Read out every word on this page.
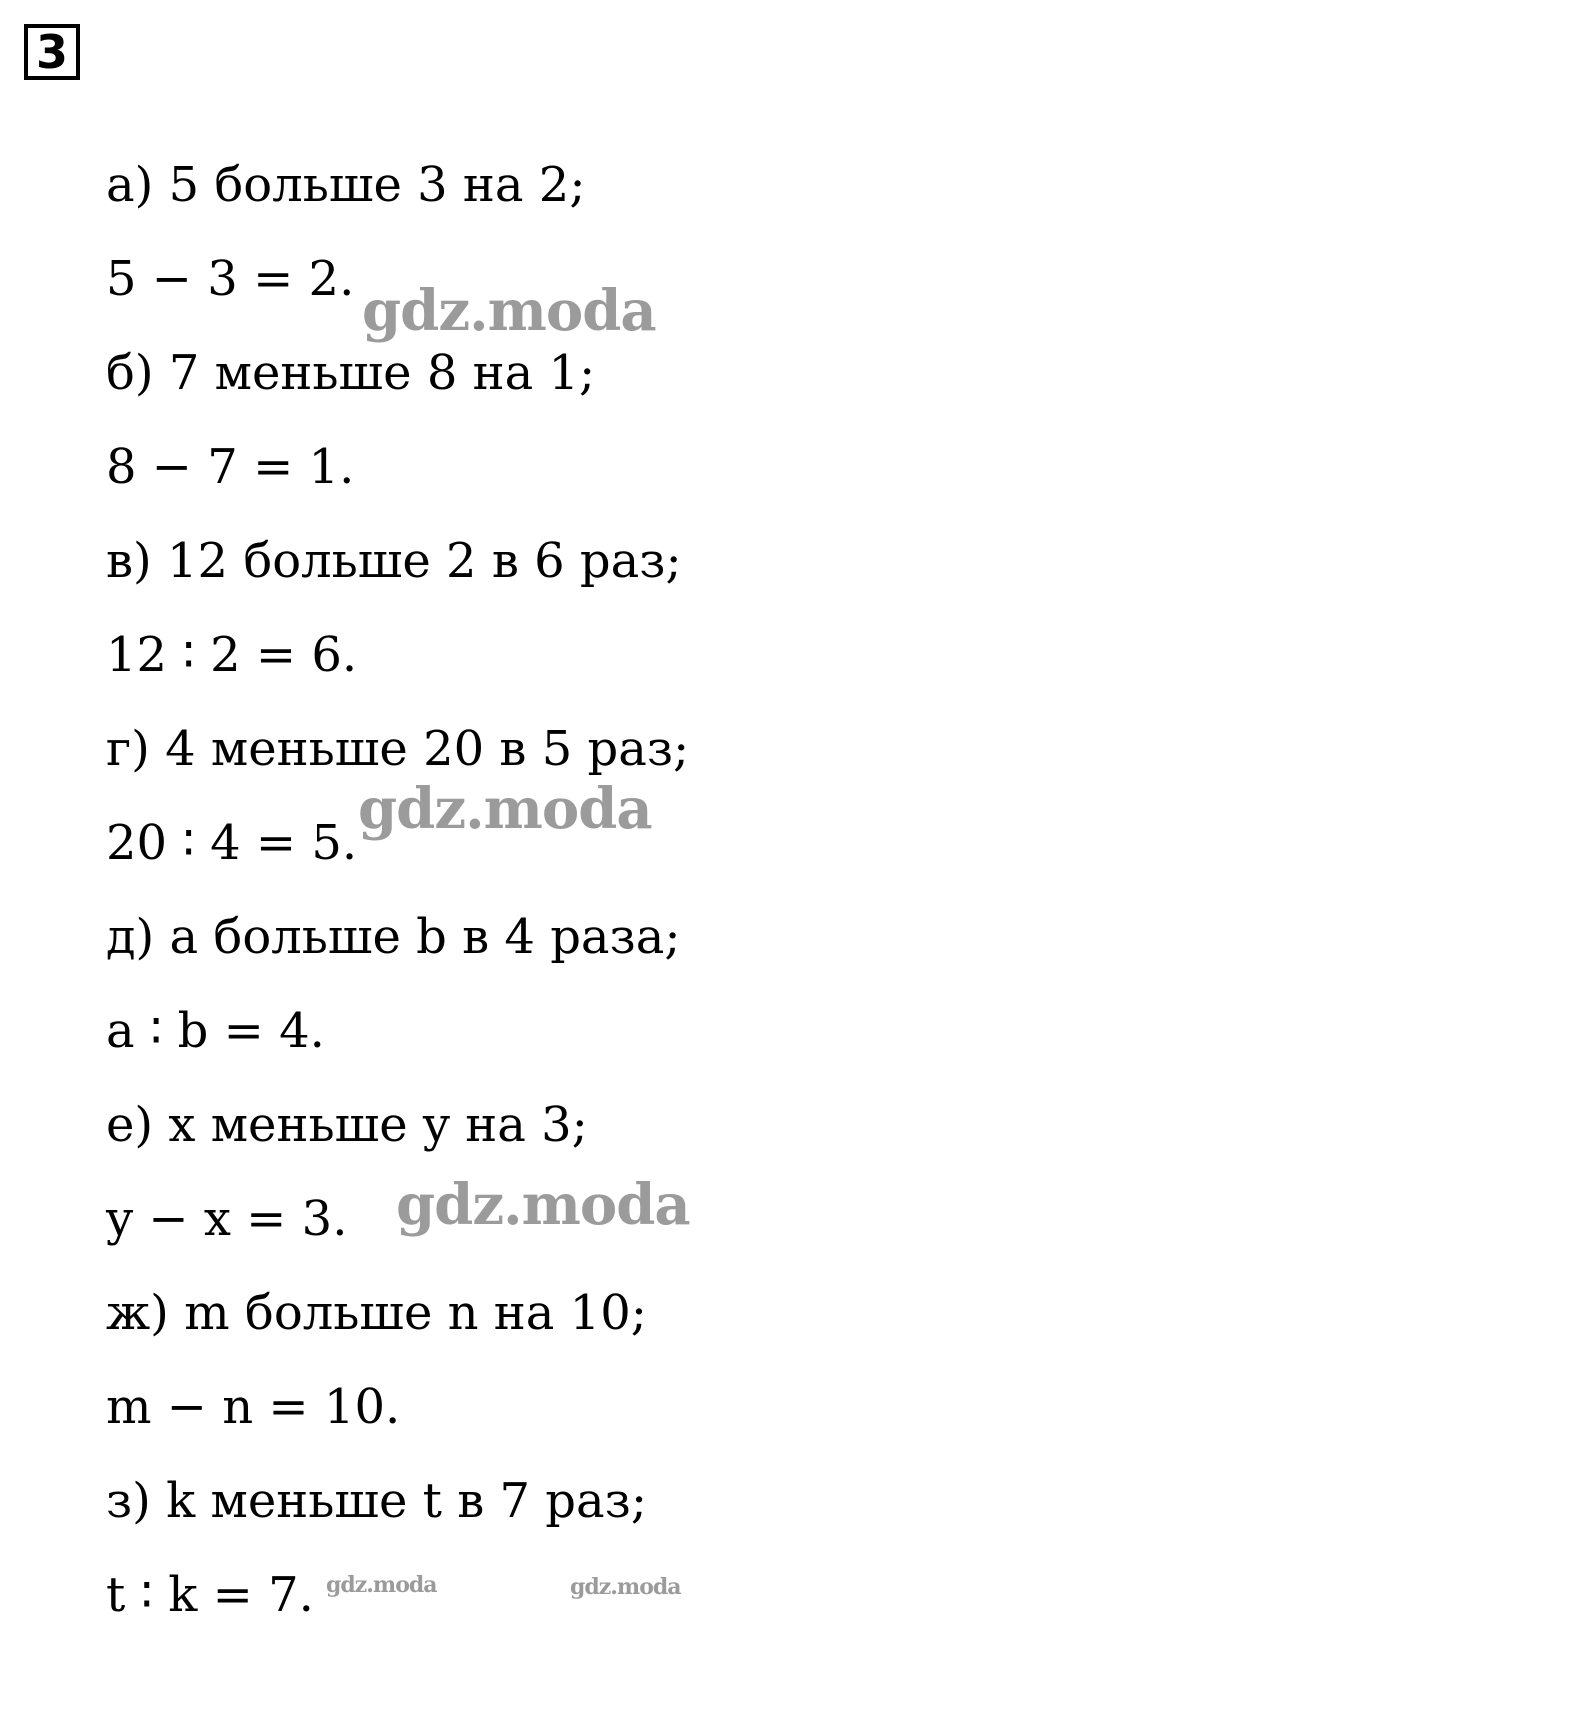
3
а) 5 больше 3 на 2;
5 − 3 = 2.
б) 7 меньше 8 на 1;
8 − 7 = 1.
в) 12 больше 2 в 6 раз;
12 ∶ 2 = 6.
г) 4 меньше 20 в 5 раз;
20 ∶ 4 = 5.
д) a больше b в 4 раза;
a ∶ b = 4.
е) x меньше y на 3;
y − x = 3.
ж) m больше n на 10;
m − n = 10.
з) k меньше t в 7 раз;
t ∶ k = 7.
gdz.moda
gdz.moda
gdz.moda
gdz.moda	gdz.moda
